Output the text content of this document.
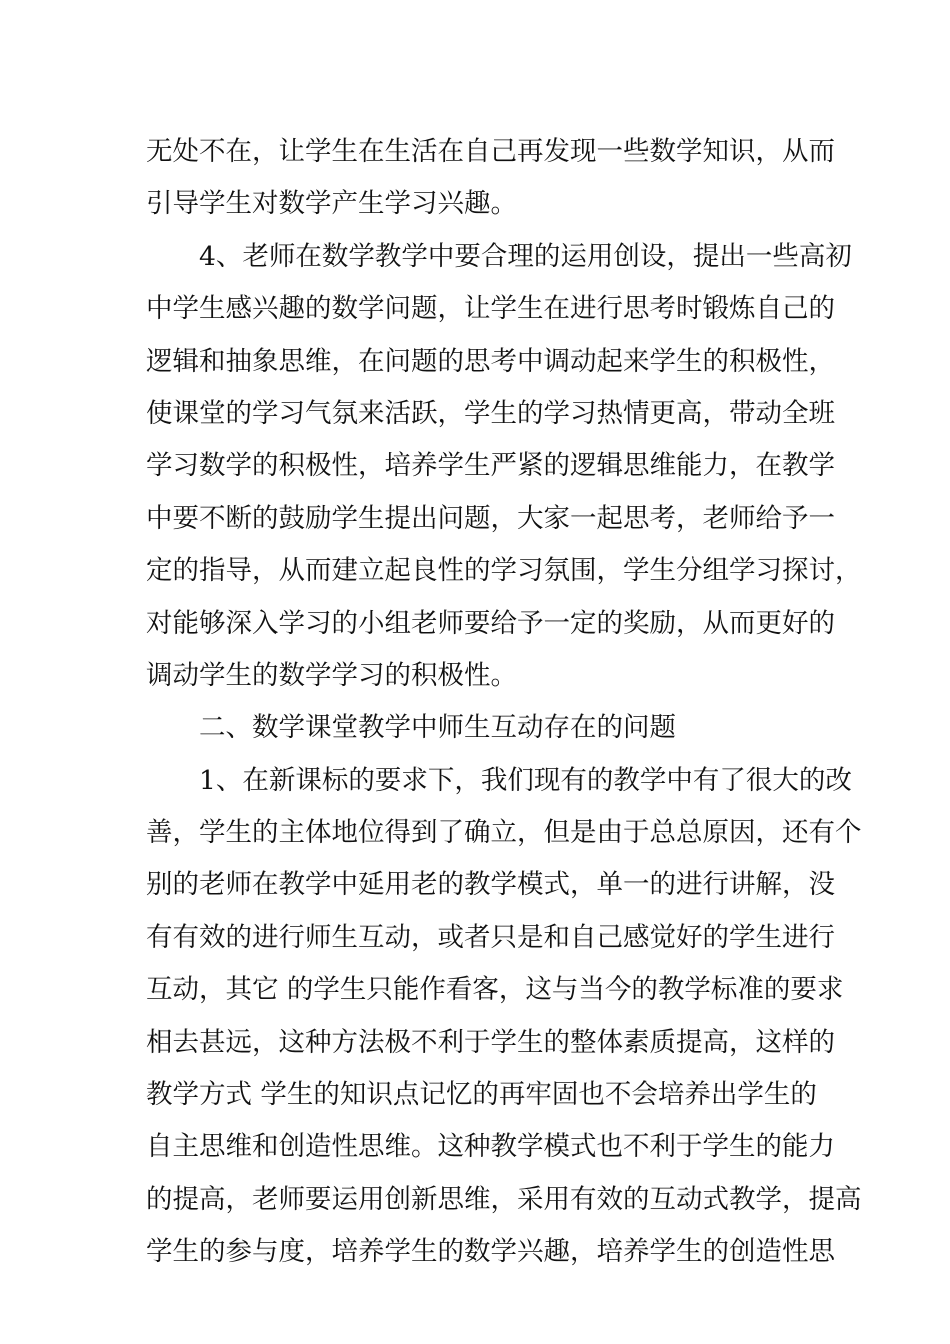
无处不在，让学生在生活在自己再发现一些数学知识，从而
引导学生对数学产生学习兴趣。
4、老师在数学教学中要合理的运用创设，提出一些高初
中学生感兴趣的数学问题，让学生在进行思考时锻炼自己的
逻辑和抽象思维，在问题的思考中调动起来学生的积极性，
使课堂的学习气氛来活跃，学生的学习热情更高，带动全班
学习数学的积极性，培养学生严紧的逻辑思维能力，在教学
中要不断的鼓励学生提出问题，大家一起思考，老师给予一
定的指导，从而建立起良性的学习氛围，学生分组学习探讨，
对能够深入学习的小组老师要给予一定的奖励，从而更好的
调动学生的数学学习的积极性。
二、数学课堂教学中师生互动存在的问题
1、在新课标的要求下，我们现有的教学中有了很大的改
善，学生的主体地位得到了确立，但是由于总总原因，还有个
别的老师在教学中延用老的教学模式，单一的进行讲解，没
有有效的进行师生互动，或者只是和自己感觉好的学生进行
互动，其它 的学生只能作看客，这与当今的教学标准的要求
相去甚远，这种方法极不利于学生的整体素质提高，这样的
教学方式 学生的知识点记忆的再牢固也不会培养出学生的
自主思维和创造性思维。这种教学模式也不利于学生的能力
的提高，老师要运用创新思维，采用有效的互动式教学，提高
学生的参与度，培养学生的数学兴趣，培养学生的创造性思
